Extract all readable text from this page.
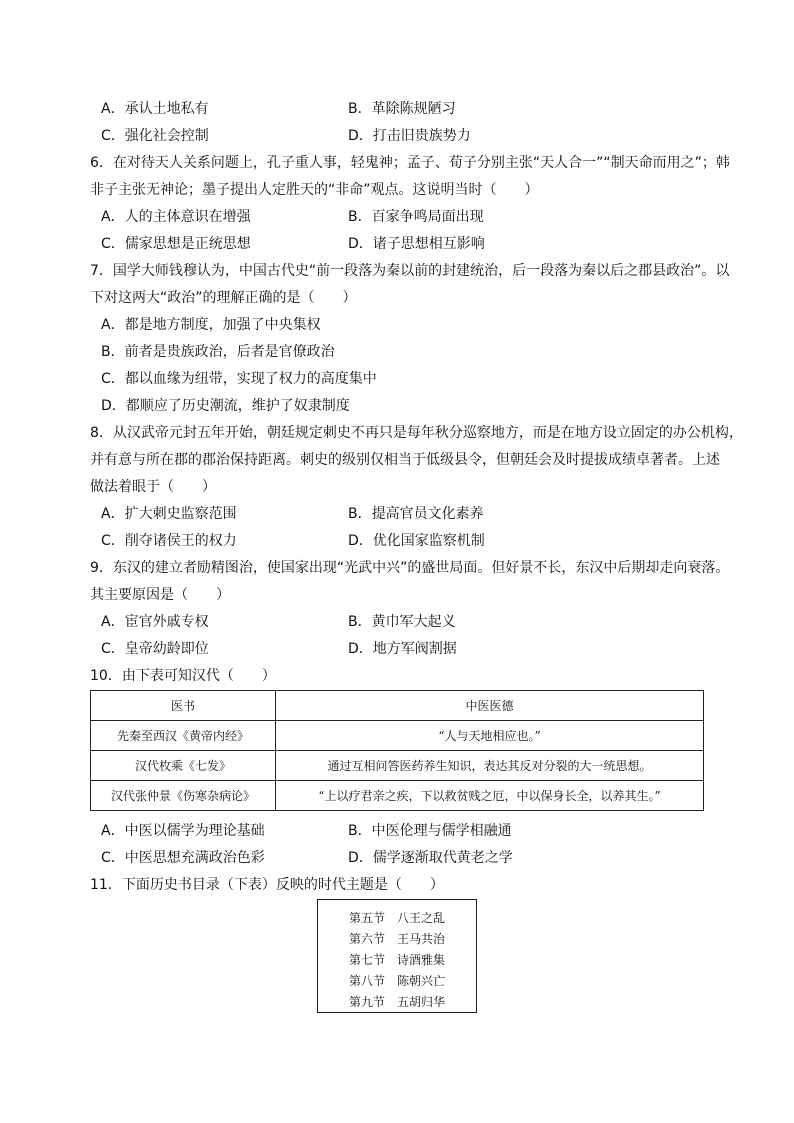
A．承认土地私有	B．革除陈规陋习
C．强化社会控制	D．打击旧贵族势力
6．在对待天人关系问题上，孔子重人事，轻鬼神；孟子、荀子分别主张“天人合一”“制天命而用之”；韩
非子主张无神论；墨子提出人定胜天的“非命”观点。这说明当时（　　）
A．人的主体意识在增强	B．百家争鸣局面出现
C．儒家思想是正统思想	D．诸子思想相互影响
7．国学大师钱穆认为，中国古代史“前一段落为秦以前的封建统治，后一段落为秦以后之郡县政治”。以
下对这两大“政治”的理解正确的是（　　）
A．都是地方制度，加强了中央集权
B．前者是贵族政治，后者是官僚政治
C．都以血缘为纽带，实现了权力的高度集中
D．都顺应了历史潮流，维护了奴隶制度
8．从汉武帝元封五年开始，朝廷规定刺史不再只是每年秋分巡察地方，而是在地方设立固定的办公机构，
并有意与所在郡的郡治保持距离。刺史的级别仅相当于低级县令，但朝廷会及时提拔成绩卓著者。上述
做法着眼于（　　）
A．扩大刺史监察范围	B．提高官员文化素养
C．削夺诸侯王的权力	D．优化国家监察机制
9．东汉的建立者励精图治，使国家出现“光武中兴”的盛世局面。但好景不长，东汉中后期却走向衰落。
其主要原因是（　　）
A．宦官外戚专权	B．黄巾军大起义
C．皇帝幼龄即位	D．地方军阀割据
10．由下表可知汉代（　　）
医书	中医医德
先秦至西汉《黄帝内经》	“人与天地相应也。”
汉代枚乘《七发》	通过互相问答医药养生知识，表达其反对分裂的大一统思想。
汉代张仲景《伤寒杂病论》	“上以疗君亲之疾，下以救贫贱之厄，中以保身长全，以养其生。”
A．中医以儒学为理论基础	B．中医伦理与儒学相融通
C．中医思想充满政治色彩	D．儒学逐渐取代黄老之学
11．下面历史书目录（下表）反映的时代主题是（　　）
第五节　八王之乱
第六节　王马共治
第七节　诗酒雅集
第八节　陈朝兴亡
第九节　五胡归华
